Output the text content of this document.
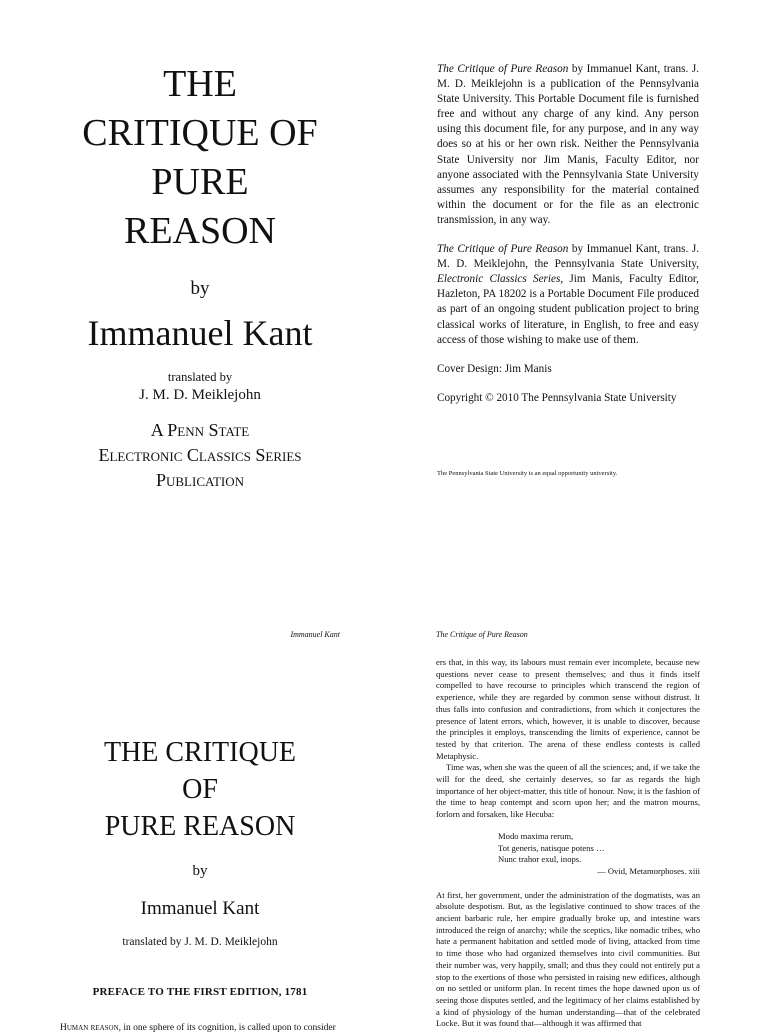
THE
CRITIQUE OF
PURE
REASON
by
Immanuel Kant
translated by
J. M. D. Meiklejohn
A Penn State
Electronic Classics Series
Publication

The Critique of Pure Reason by Immanuel Kant, trans. J. M. D. Meiklejohn is a publication of the Pennsylvania State University. This Portable Document file is furnished free and without any charge of any kind. Any person using this document file, for any purpose, and in any way does so at his or her own risk. Neither the Pennsylvania State University nor Jim Manis, Faculty Editor, nor anyone associated with the Pennsylvania State University assumes any responsibility for the material contained within the document or for the file as an electronic transmission, in any way.

The Critique of Pure Reason by Immanuel Kant, trans. J. M. D. Meiklejohn, the Pennsylvania State University, Electronic Classics Series, Jim Manis, Faculty Editor, Hazleton, PA 18202 is a Portable Document File produced as part of an ongoing student publication project to bring classical works of literature, in English, to free and easy access of those wishing to make use of them.

Cover Design: Jim Manis

Copyright © 2010 The Pennsylvania State University

The Pennsylvania State University is an equal opportunity university.
Immanuel Kant
THE CRITIQUE
OF
PURE REASON
by
Immanuel Kant
translated by J. M. D. Meiklejohn
PREFACE TO THE FIRST EDITION, 1781
Human reason, in one sphere of its cognition, is called upon to consider
The Critique of Pure Reason
ers that, in this way, its labours must remain ever incomplete, because new questions never cease to present themselves; and thus it finds itself compelled to have recourse to principles which transcend the region of experience, while they are regarded by common sense without distrust. It thus falls into confusion and contradictions, from which it conjectures the presence of latent errors, which, however, it is unable to discover, because the principles it employs, transcending the limits of experience, cannot be tested by that criterion. The arena of these endless contests is called Metaphysic.
Time was, when she was the queen of all the sciences; and, if we take the will for the deed, she certainly deserves, so far as regards the high importance of her object-matter, this title of honour. Now, it is the fashion of the time to heap contempt and scorn upon her; and the matron mourns, forlorn and forsaken, like Hecuba:
Modo maxima rerum,
Tot generis, natisque potens …
Nunc trahor exul, inops.
— Ovid, Metamorphoses. xiii
At first, her government, under the administration of the dogmatists, was an absolute despotism. But, as the legislative continued to show traces of the ancient barbaric rule, her empire gradually broke up, and intestine wars introduced the reign of anarchy; while the sceptics, like nomadic tribes, who hate a permanent habitation and settled mode of living, attacked from time to time those who had organized themselves into civil communities. But their number was, very happily, small; and thus they could not entirely put a stop to the exertions of those who persisted in raising new edifices, although on no settled or uniform plan. In recent times the hope dawned upon us of seeing those disputes settled, and the legitimacy of her claims established by a kind of physiology of the human understanding—that of the celebrated Locke. But it was found that—although it was affirmed that
